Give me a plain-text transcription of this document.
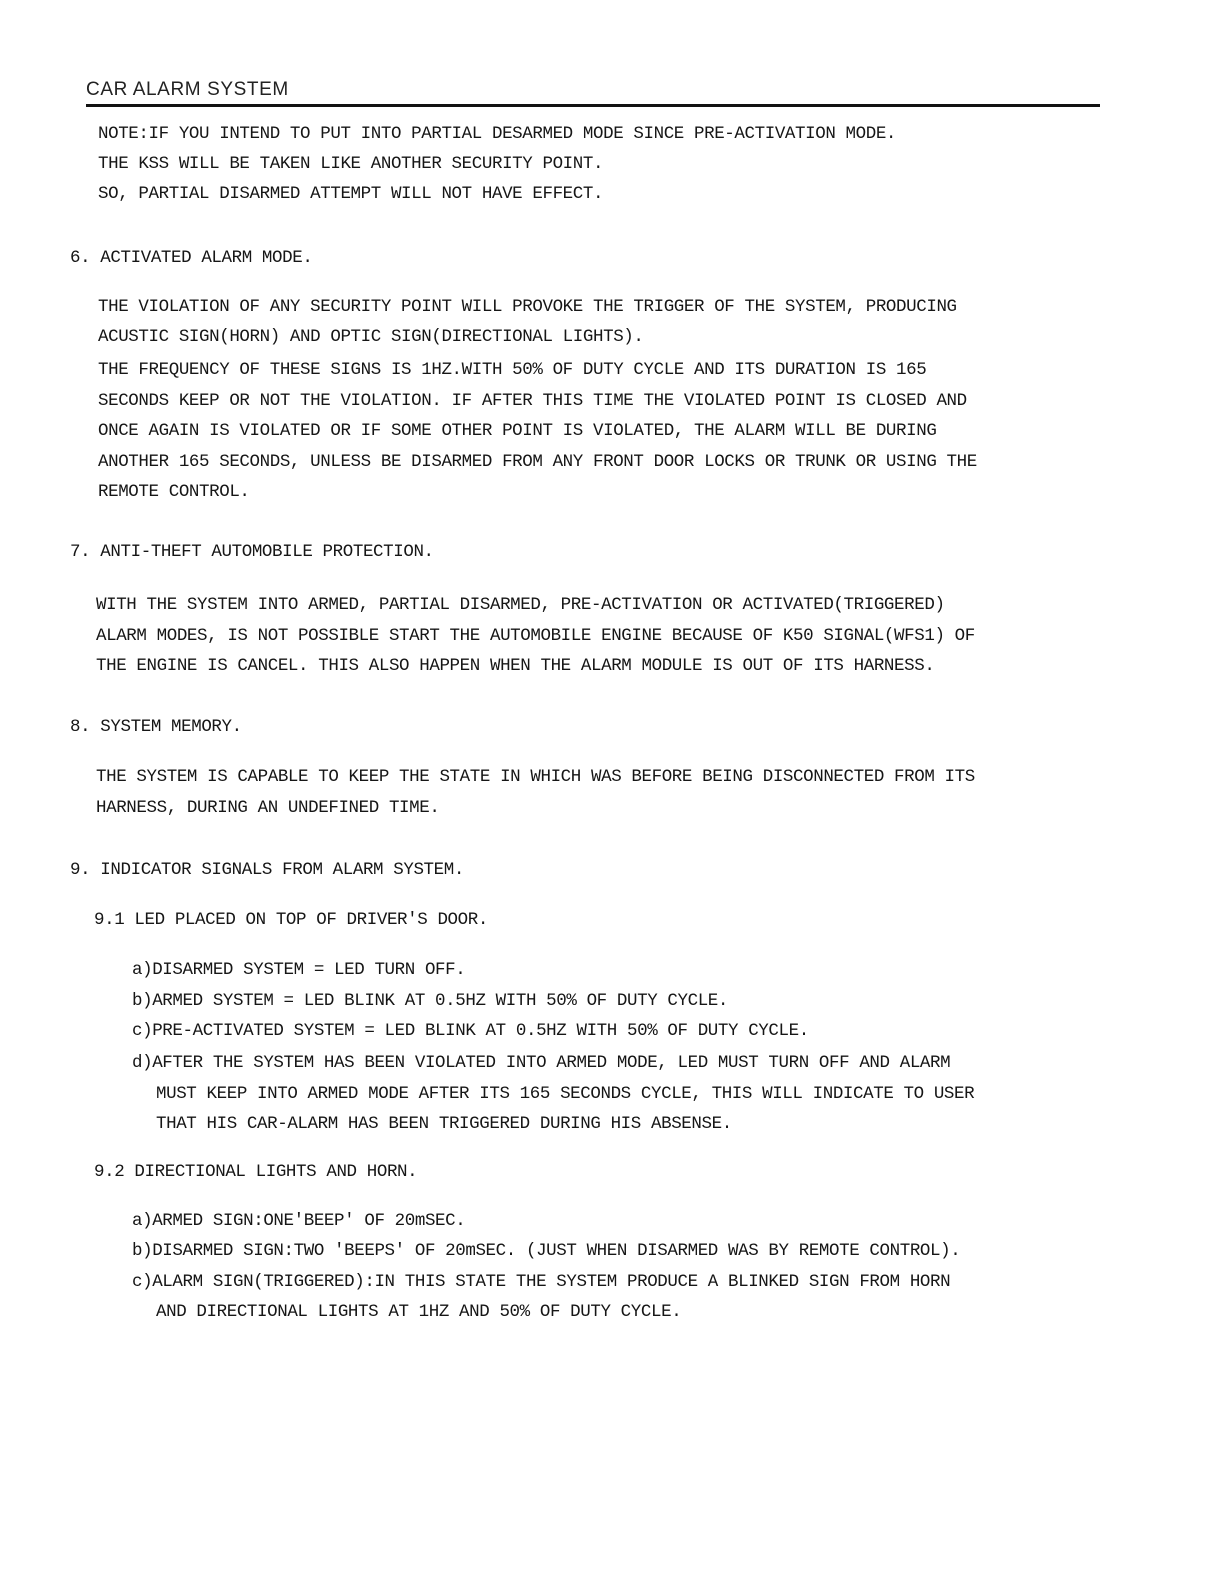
CAR ALARM SYSTEM

NOTE:IF YOU INTEND TO PUT INTO PARTIAL DESARMED MODE SINCE PRE-ACTIVATION MODE.

THE KSS WILL BE TAKEN LIKE ANOTHER SECURITY POINT.

SO, PARTIAL DISARMED ATTEMPT WILL NOT HAVE EFFECT.

6. ACTIVATED ALARM MODE.

THE VIOLATION OF ANY SECURITY POINT WILL PROVOKE THE TRIGGER OF THE SYSTEM, PRODUCING

ACUSTIC SIGN(HORN) AND OPTIC SIGN(DIRECTIONAL LIGHTS).

THE FREQUENCY OF THESE SIGNS IS 1HZ.WITH 50% OF DUTY CYCLE AND ITS DURATION IS 165

SECONDS KEEP OR NOT THE VIOLATION. IF AFTER THIS TIME THE VIOLATED POINT IS CLOSED AND

ONCE AGAIN IS VIOLATED OR IF SOME OTHER POINT IS VIOLATED, THE ALARM WILL BE DURING

ANOTHER 165 SECONDS, UNLESS BE DISARMED FROM ANY FRONT DOOR LOCKS OR TRUNK OR USING THE

REMOTE CONTROL.

7. ANTI-THEFT AUTOMOBILE PROTECTION.

WITH THE SYSTEM INTO ARMED, PARTIAL DISARMED, PRE-ACTIVATION OR ACTIVATED(TRIGGERED)

ALARM MODES, IS NOT POSSIBLE START THE AUTOMOBILE ENGINE BECAUSE OF K50 SIGNAL(WFS1) OF

THE ENGINE IS CANCEL. THIS ALSO HAPPEN WHEN THE ALARM MODULE IS OUT OF ITS HARNESS.

8. SYSTEM MEMORY.

THE SYSTEM IS CAPABLE TO KEEP THE STATE IN WHICH WAS BEFORE BEING DISCONNECTED FROM ITS

HARNESS, DURING AN UNDEFINED TIME.

9. INDICATOR SIGNALS FROM ALARM SYSTEM.

9.1 LED PLACED ON TOP OF DRIVER'S DOOR.

a)DISARMED SYSTEM = LED TURN OFF.

b)ARMED SYSTEM = LED BLINK AT 0.5HZ WITH 50% OF DUTY CYCLE.

c)PRE-ACTIVATED SYSTEM = LED BLINK AT 0.5HZ WITH 50% OF DUTY CYCLE.

d)AFTER THE SYSTEM HAS BEEN VIOLATED INTO ARMED MODE, LED MUST TURN OFF AND ALARM

MUST KEEP INTO ARMED MODE AFTER ITS 165 SECONDS CYCLE, THIS WILL INDICATE TO USER

THAT HIS CAR-ALARM HAS BEEN TRIGGERED DURING HIS ABSENSE.

9.2 DIRECTIONAL LIGHTS AND HORN.

a)ARMED SIGN:ONE'BEEP' OF 20mSEC.

b)DISARMED SIGN:TWO 'BEEPS' OF 20mSEC. (JUST WHEN DISARMED WAS BY REMOTE CONTROL).

c)ALARM SIGN(TRIGGERED):IN THIS STATE THE SYSTEM PRODUCE A BLINKED SIGN FROM HORN

AND DIRECTIONAL LIGHTS AT 1HZ AND 50% OF DUTY CYCLE.
